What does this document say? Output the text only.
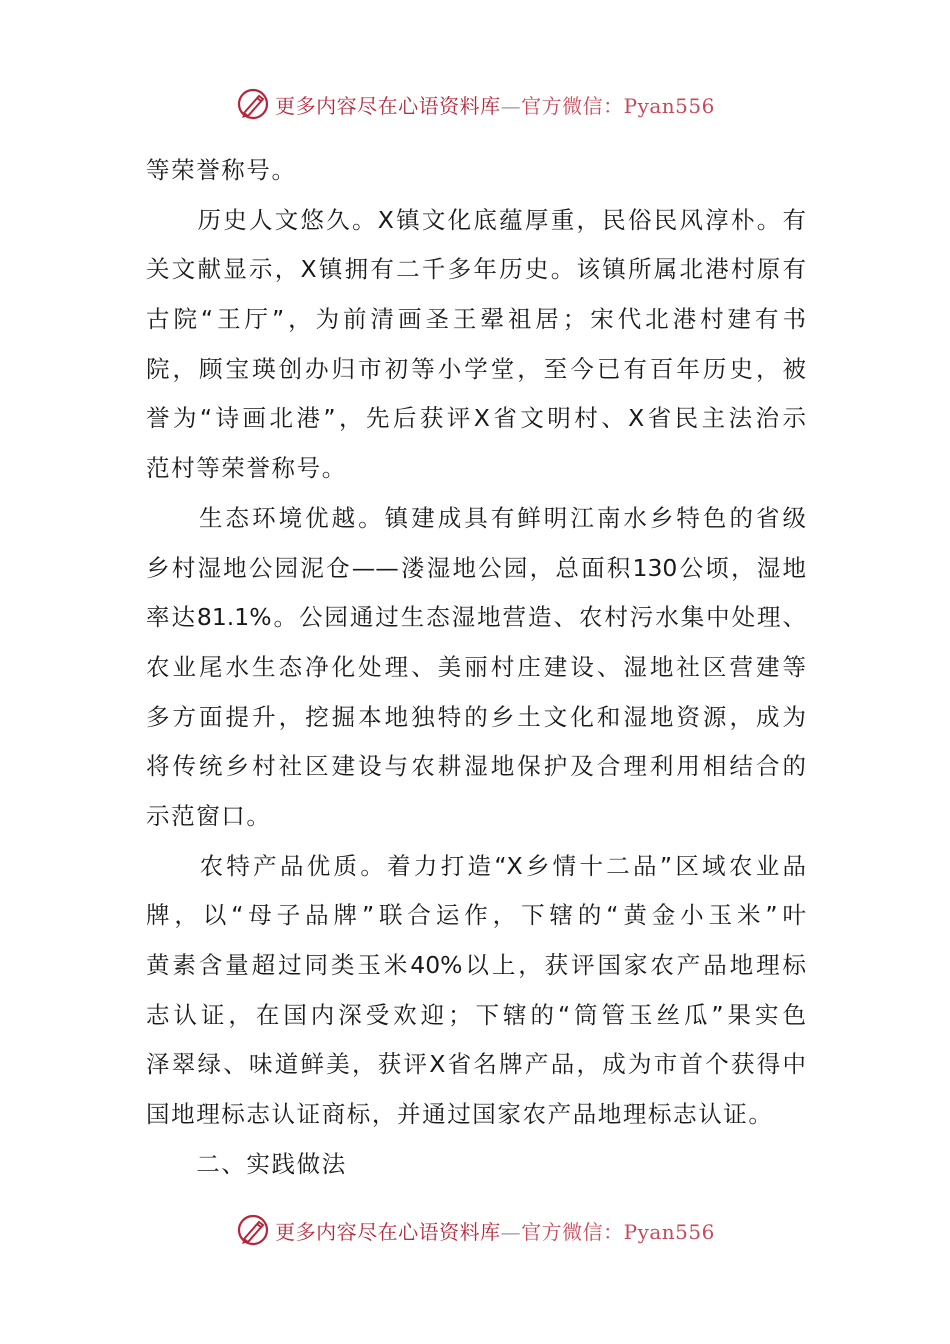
更多内容尽在心语资料库—官方微信：Pyan556
等荣誉称号。
　　历史人文悠久。X镇文化底蕴厚重，民俗民风淳朴。有
关文献显示，X镇拥有二千多年历史。该镇所属北港村原有
古院“王厅”，为前清画圣王翚祖居；宋代北港村建有书
院，顾宝瑛创办归市初等小学堂，至今已有百年历史，被
誉为“诗画北港”，先后获评X省文明村、X省民主法治示
范村等荣誉称号。
　　生态环境优越。镇建成具有鲜明江南水乡特色的省级
乡村湿地公园泥仓——溇湿地公园，总面积130公顷，湿地
率达81.1%。公园通过生态湿地营造、农村污水集中处理、
农业尾水生态净化处理、美丽村庄建设、湿地社区营建等
多方面提升，挖掘本地独特的乡土文化和湿地资源，成为
将传统乡村社区建设与农耕湿地保护及合理利用相结合的
示范窗口。
　　农特产品优质。着力打造“X乡情十二品”区域农业品
牌，以“母子品牌”联合运作，下辖的“黄金小玉米”叶
黄素含量超过同类玉米40%以上，获评国家农产品地理标
志认证，在国内深受欢迎；下辖的“筒管玉丝瓜”果实色
泽翠绿、味道鲜美，获评X省名牌产品，成为市首个获得中
国地理标志认证商标，并通过国家农产品地理标志认证。
　　二、实践做法
更多内容尽在心语资料库—官方微信：Pyan556
